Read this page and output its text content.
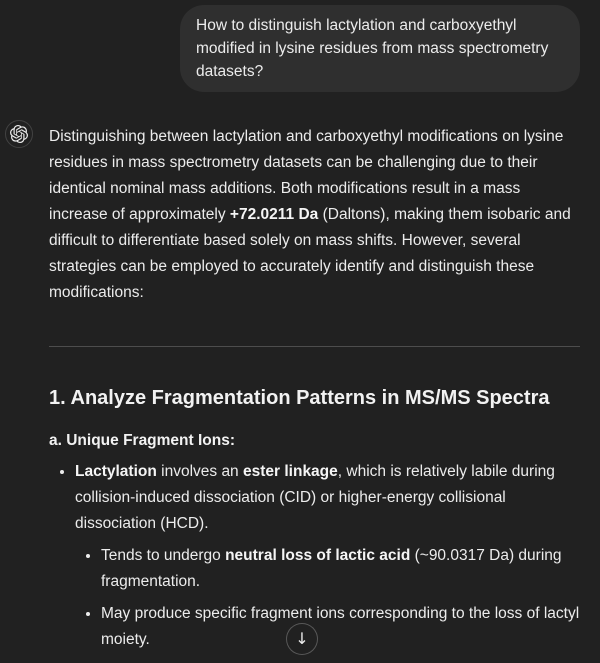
How to distinguish lactylation and carboxyethyl modified in lysine residues from mass spectrometry datasets?

Distinguishing between lactylation and carboxyethyl modifications on lysine residues in mass spectrometry datasets can be challenging due to their identical nominal mass additions. Both modifications result in a mass increase of approximately +72.0211 Da (Daltons), making them isobaric and difficult to differentiate based solely on mass shifts. However, several strategies can be employed to accurately identify and distinguish these modifications:

1. Analyze Fragmentation Patterns in MS/MS Spectra
a. Unique Fragment Ions:
• Lactylation involves an ester linkage, which is relatively labile during collision-induced dissociation (CID) or higher-energy collisional dissociation (HCD).
• Tends to undergo neutral loss of lactic acid (~90.0317 Da) during fragmentation.
• May produce specific fragment ions corresponding to the loss of lactyl moiety.	↓
